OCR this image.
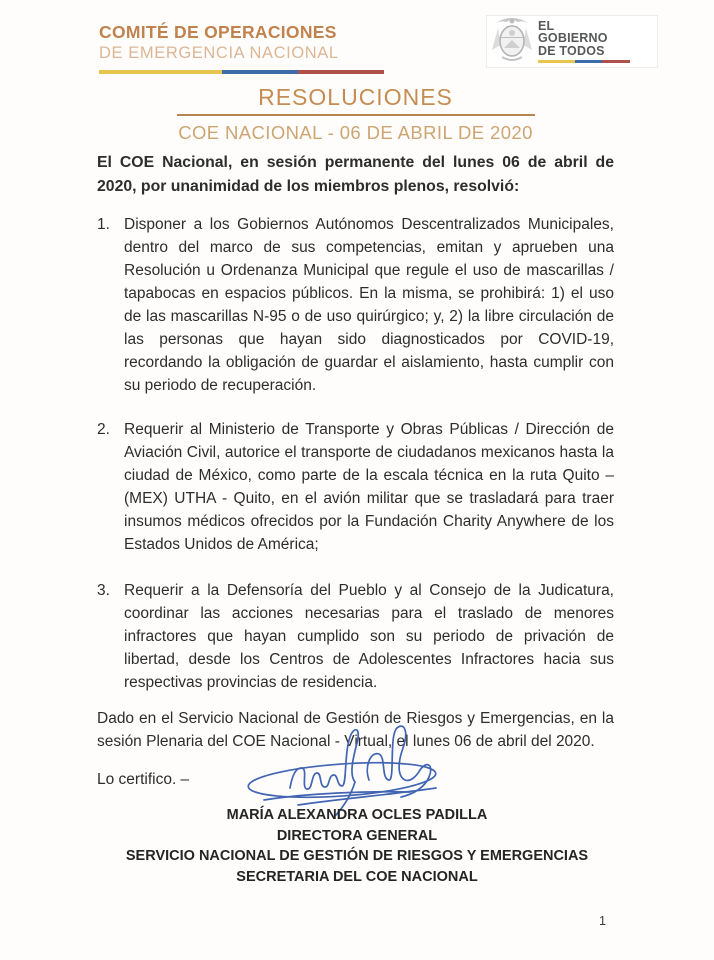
COMITÉ DE OPERACIONES
DE EMERGENCIA NACIONAL
EL
GOBIERNO
DE TODOS
RESOLUCIONES
COE NACIONAL - 06 DE ABRIL DE 2020

El COE Nacional, en sesión permanente del lunes 06 de abril de 2020, por unanimidad de los miembros plenos, resolvió:

1. Disponer a los Gobiernos Autónomos Descentralizados Municipales, dentro del marco de sus competencias, emitan y aprueben una Resolución u Ordenanza Municipal que regule el uso de mascarillas / tapabocas en espacios públicos. En la misma, se prohibirá: 1) el uso de las mascarillas N-95 o de uso quirúrgico; y, 2) la libre circulación de las personas que hayan sido diagnosticados por COVID-19, recordando la obligación de guardar el aislamiento, hasta cumplir con su periodo de recuperación.
2. Requerir al Ministerio de Transporte y Obras Públicas / Dirección de Aviación Civil, autorice el transporte de ciudadanos mexicanos hasta la ciudad de México, como parte de la escala técnica en la ruta Quito – (MEX) UTHA - Quito, en el avión militar que se trasladará para traer insumos médicos ofrecidos por la Fundación Charity Anywhere de los Estados Unidos de América;
3. Requerir a la Defensoría del Pueblo y al Consejo de la Judicatura, coordinar las acciones necesarias para el traslado de menores infractores que hayan cumplido son su periodo de privación de libertad, desde los Centros de Adolescentes Infractores hacia sus respectivas provincias de residencia.

Dado en el Servicio Nacional de Gestión de Riesgos y Emergencias, en la sesión Plenaria del COE Nacional - Virtual, el lunes 06 de abril del 2020.

Lo certifico. –

MARÍA ALEXANDRA OCLES PADILLA
DIRECTORA GENERAL
SERVICIO NACIONAL DE GESTIÓN DE RIESGOS Y EMERGENCIAS
SECRETARIA DEL COE NACIONAL
1
